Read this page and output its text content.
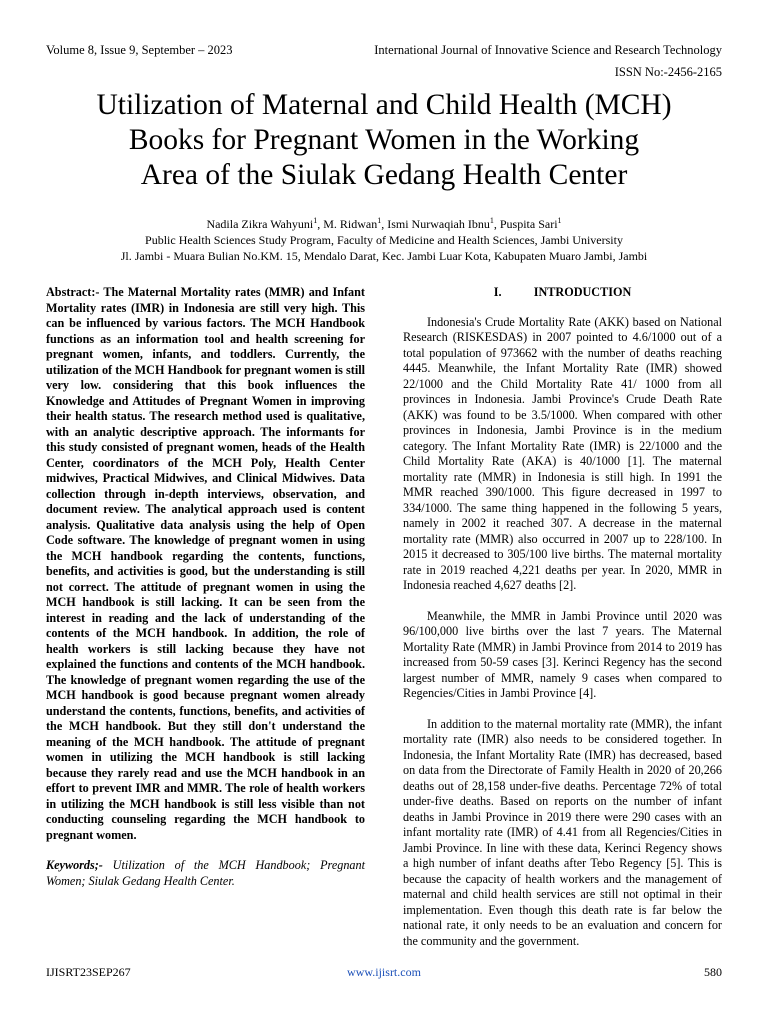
Volume 8, Issue 9, September – 2023	International Journal of Innovative Science and Research Technology
ISSN No:-2456-2165
Utilization of Maternal and Child Health (MCH)
Books for Pregnant Women in the Working
Area of the Siulak Gedang Health Center
Nadila Zikra Wahyuni$^1$, M. Ridwan$^1$, Ismi Nurwaqiah Ibnu$^1$, Puspita Sari$^1$
Public Health Sciences Study Program, Faculty of Medicine and Health Sciences, Jambi University
Jl. Jambi - Muara Bulian No.KM. 15, Mendalo Darat, Kec. Jambi Luar Kota, Kabupaten Muaro Jambi, Jambi

Abstract:- The Maternal Mortality rates (MMR) and Infant Mortality rates (IMR) in Indonesia are still very high. This can be influenced by various factors. The MCH Handbook functions as an information tool and health screening for pregnant women, infants, and toddlers. Currently, the utilization of the MCH Handbook for pregnant women is still very low. considering that this book influences the Knowledge and Attitudes of Pregnant Women in improving their health status. The research method used is qualitative, with an analytic descriptive approach. The informants for this study consisted of pregnant women, heads of the Health Center, coordinators of the MCH Poly, Health Center midwives, Practical Midwives, and Clinical Midwives. Data collection through in-depth interviews, observation, and document review. The analytical approach used is content analysis. Qualitative data analysis using the help of Open Code software. The knowledge of pregnant women in using the MCH handbook regarding the contents, functions, benefits, and activities is good, but the understanding is still not correct. The attitude of pregnant women in using the MCH handbook is still lacking. It can be seen from the interest in reading and the lack of understanding of the contents of the MCH handbook. In addition, the role of health workers is still lacking because they have not explained the functions and contents of the MCH handbook. The knowledge of pregnant women regarding the use of the MCH handbook is good because pregnant women already understand the contents, functions, benefits, and activities of the MCH handbook. But they still don't understand the meaning of the MCH handbook. The attitude of pregnant women in utilizing the MCH handbook is still lacking because they rarely read and use the MCH handbook in an effort to prevent IMR and MMR. The role of health workers in utilizing the MCH handbook is still less visible than not conducting counseling regarding the MCH handbook to pregnant women.

Keywords;- Utilization of the MCH Handbook; Pregnant Women; Siulak Gedang Health Center.

I.	INTRODUCTION

Indonesia's Crude Mortality Rate (AKK) based on National Research (RISKESDAS) in 2007 pointed to 4.6/1000 out of a total population of 973662 with the number of deaths reaching 4445. Meanwhile, the Infant Mortality Rate (IMR) showed 22/1000 and the Child Mortality Rate 41/ 1000 from all provinces in Indonesia. Jambi Province's Crude Death Rate (AKK) was found to be 3.5/1000. When compared with other provinces in Indonesia, Jambi Province is in the medium category. The Infant Mortality Rate (IMR) is 22/1000 and the Child Mortality Rate (AKA) is 40/1000 [1]. The maternal mortality rate (MMR) in Indonesia is still high. In 1991 the MMR reached 390/1000. This figure decreased in 1997 to 334/1000. The same thing happened in the following 5 years, namely in 2002 it reached 307. A decrease in the maternal mortality rate (MMR) also occurred in 2007 up to 228/100. In 2015 it decreased to 305/100 live births. The maternal mortality rate in 2019 reached 4,221 deaths per year. In 2020, MMR in Indonesia reached 4,627 deaths [2].

Meanwhile, the MMR in Jambi Province until 2020 was 96/100,000 live births over the last 7 years. The Maternal Mortality Rate (MMR) in Jambi Province from 2014 to 2019 has increased from 50-59 cases [3]. Kerinci Regency has the second largest number of MMR, namely 9 cases when compared to Regencies/Cities in Jambi Province [4].

In addition to the maternal mortality rate (MMR), the infant mortality rate (IMR) also needs to be considered together. In Indonesia, the Infant Mortality Rate (IMR) has decreased, based on data from the Directorate of Family Health in 2020 of 20,266 deaths out of 28,158 under-five deaths. Percentage 72% of total under-five deaths. Based on reports on the number of infant deaths in Jambi Province in 2019 there were 290 cases with an infant mortality rate (IMR) of 4.41 from all Regencies/Cities in Jambi Province. In line with these data, Kerinci Regency shows a high number of infant deaths after Tebo Regency [5]. This is because the capacity of health workers and the management of maternal and child health services are still not optimal in their implementation. Even though this death rate is far below the national rate, it only needs to be an evaluation and concern for the community and the government.

IJISRT23SEP267	www.ijisrt.com	580
